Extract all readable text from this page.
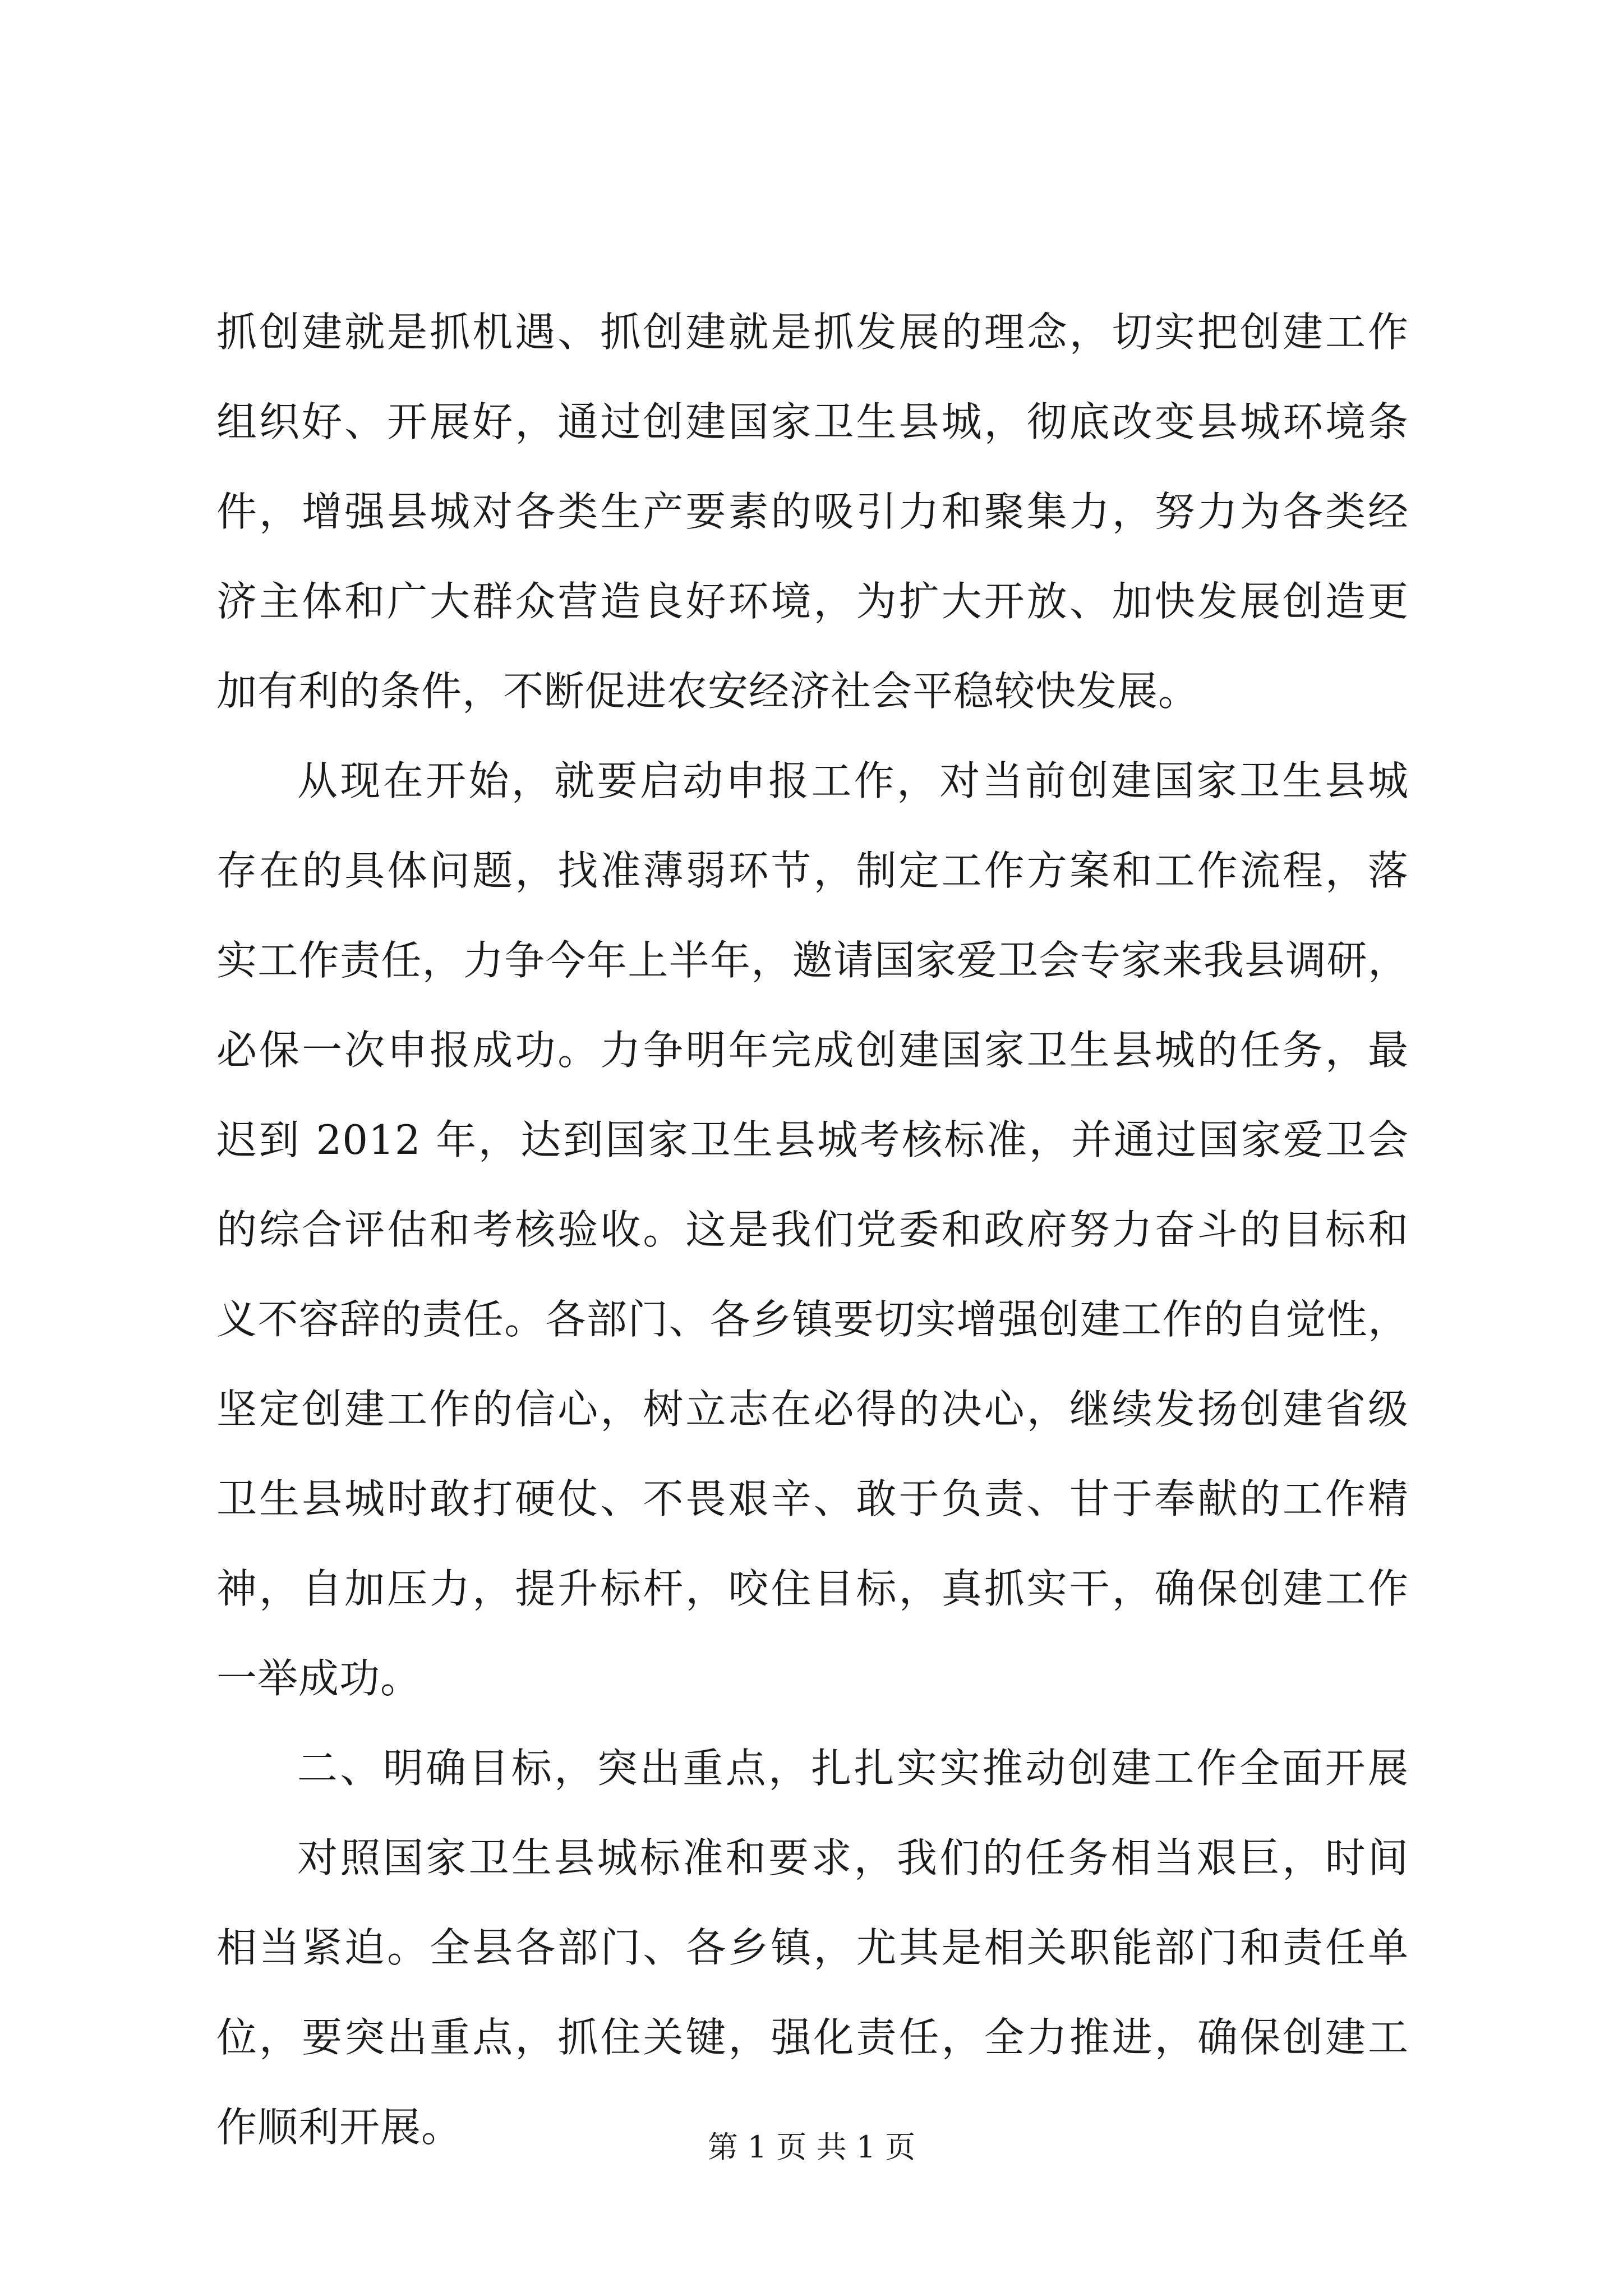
抓创建就是抓机遇、抓创建就是抓发展的理念，切实把创建工作
组织好、开展好，通过创建国家卫生县城，彻底改变县城环境条
件，增强县城对各类生产要素的吸引力和聚集力，努力为各类经
济主体和广大群众营造良好环境，为扩大开放、加快发展创造更
加有利的条件，不断促进农安经济社会平稳较快发展。
从现在开始，就要启动申报工作，对当前创建国家卫生县城
存在的具体问题，找准薄弱环节，制定工作方案和工作流程，落
实工作责任，力争今年上半年，邀请国家爱卫会专家来我县调研，
必保一次申报成功。力争明年完成创建国家卫生县城的任务，最
迟到 2012 年，达到国家卫生县城考核标准，并通过国家爱卫会
的综合评估和考核验收。这是我们党委和政府努力奋斗的目标和
义不容辞的责任。各部门、各乡镇要切实增强创建工作的自觉性，
坚定创建工作的信心，树立志在必得的决心，继续发扬创建省级
卫生县城时敢打硬仗、不畏艰辛、敢于负责、甘于奉献的工作精
神，自加压力，提升标杆，咬住目标，真抓实干，确保创建工作
一举成功。
二、明确目标，突出重点，扎扎实实推动创建工作全面开展
对照国家卫生县城标准和要求，我们的任务相当艰巨，时间
相当紧迫。全县各部门、各乡镇，尤其是相关职能部门和责任单
位，要突出重点，抓住关键，强化责任，全力推进，确保创建工
作顺利开展。	第 1 页 共 1 页
